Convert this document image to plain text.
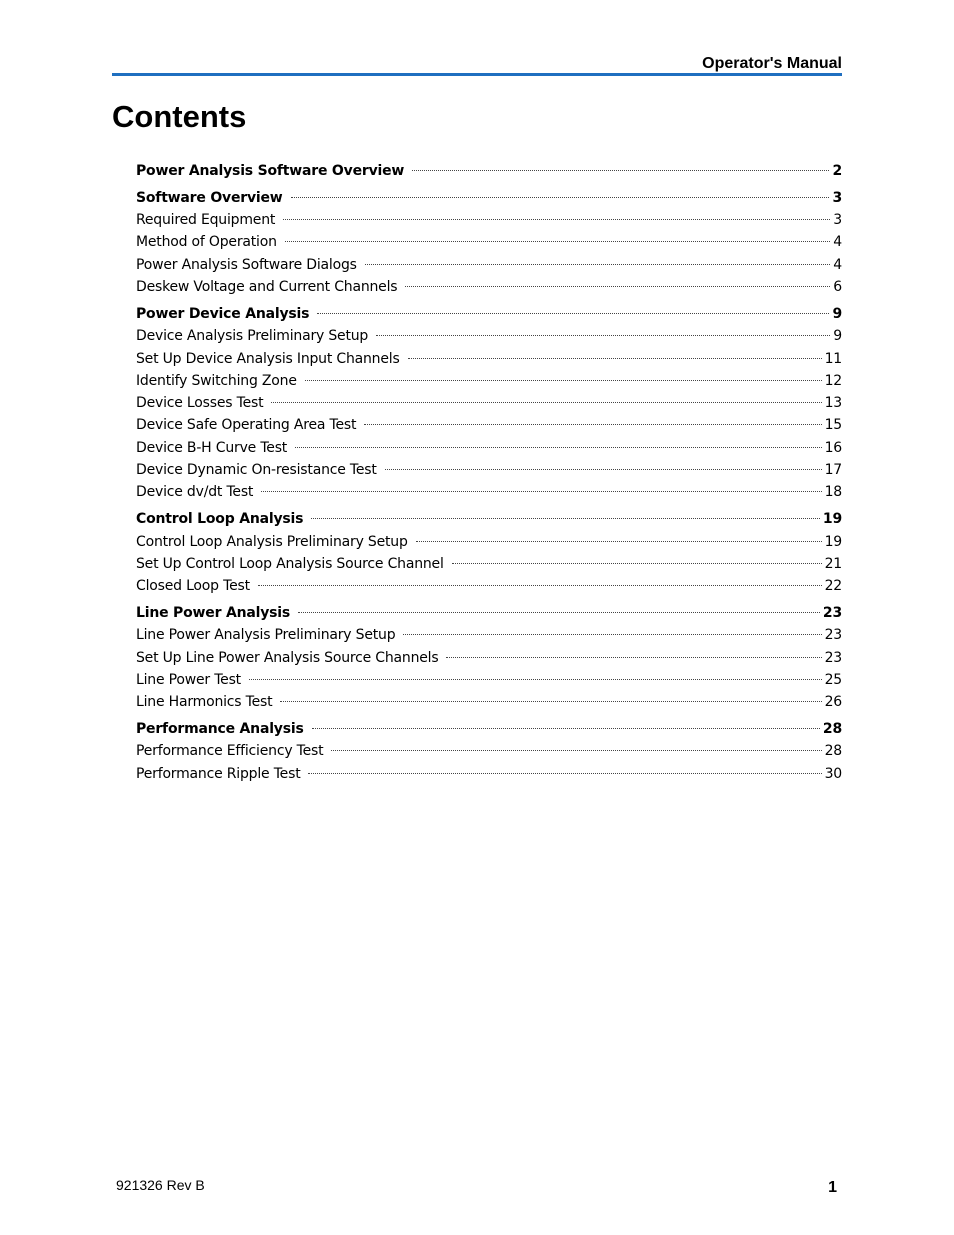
Operator's Manual
Contents
Power Analysis Software Overview	2
Software Overview	3
Required Equipment	3
Method of Operation	4
Power Analysis Software Dialogs	4
Deskew Voltage and Current Channels	6
Power Device Analysis	9
Device Analysis Preliminary Setup	9
Set Up Device Analysis Input Channels	11
Identify Switching Zone	12
Device Losses Test	13
Device Safe Operating Area Test	15
Device B-H Curve Test	16
Device Dynamic On-resistance Test	17
Device dv/dt Test	18
Control Loop Analysis	19
Control Loop Analysis Preliminary Setup	19
Set Up Control Loop Analysis Source Channel	21
Closed Loop Test	22
Line Power Analysis	23
Line Power Analysis Preliminary Setup	23
Set Up Line Power Analysis Source Channels	23
Line Power Test	25
Line Harmonics Test	26
Performance Analysis	28
Performance Efficiency Test	28
Performance Ripple Test	30
921326 Rev B	1
